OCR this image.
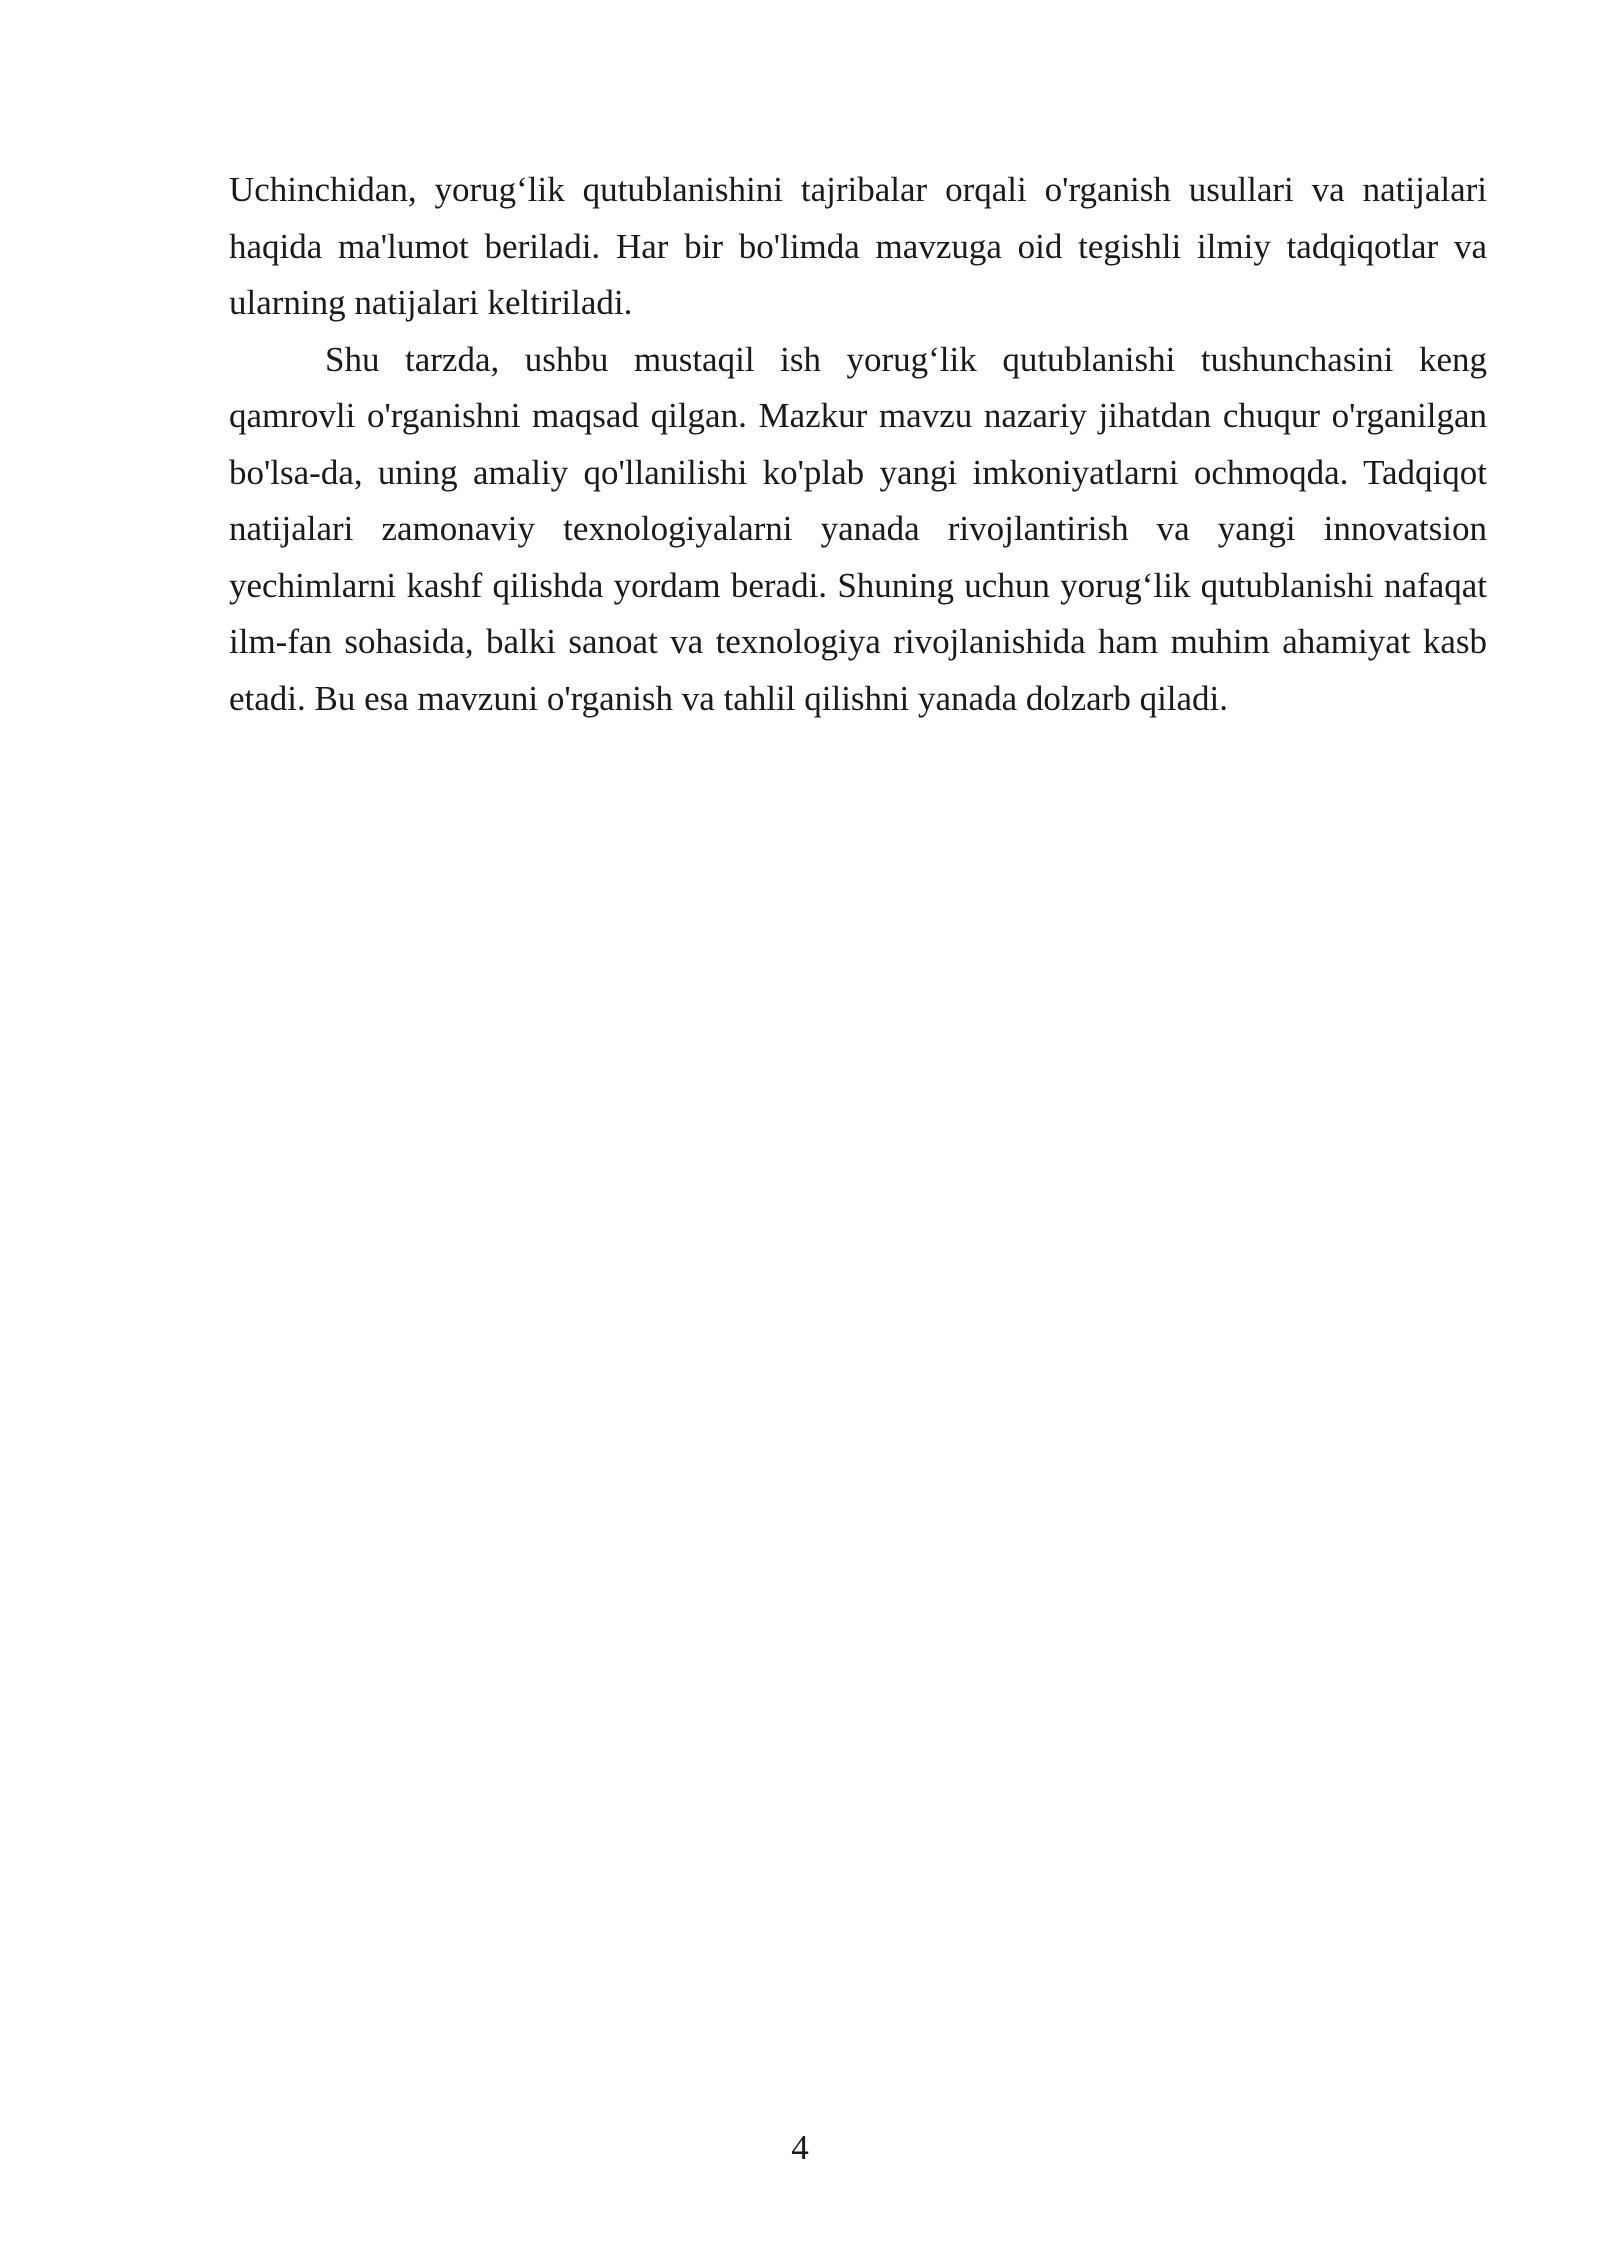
Uchinchidan, yorug‘lik qutublanishini tajribalar orqali o'rganish usullari va natijalari haqida ma'lumot beriladi. Har bir bo'limda mavzuga oid tegishli ilmiy tadqiqotlar va ularning natijalari keltiriladi.

Shu tarzda, ushbu mustaqil ish yorug‘lik qutublanishi tushunchasini keng qamrovli o'rganishni maqsad qilgan. Mazkur mavzu nazariy jihatdan chuqur o'rganilgan bo'lsa-da, uning amaliy qo'llanilishi ko'plab yangi imkoniyatlarni ochmoqda. Tadqiqot natijalari zamonaviy texnologiyalarni yanada rivojlantirish va yangi innovatsion yechimlarni kashf qilishda yordam beradi. Shuning uchun yorug‘lik qutublanishi nafaqat ilm-fan sohasida, balki sanoat va texnologiya rivojlanishida ham muhim ahamiyat kasb etadi. Bu esa mavzuni o'rganish va tahlil qilishni yanada dolzarb qiladi.

4
